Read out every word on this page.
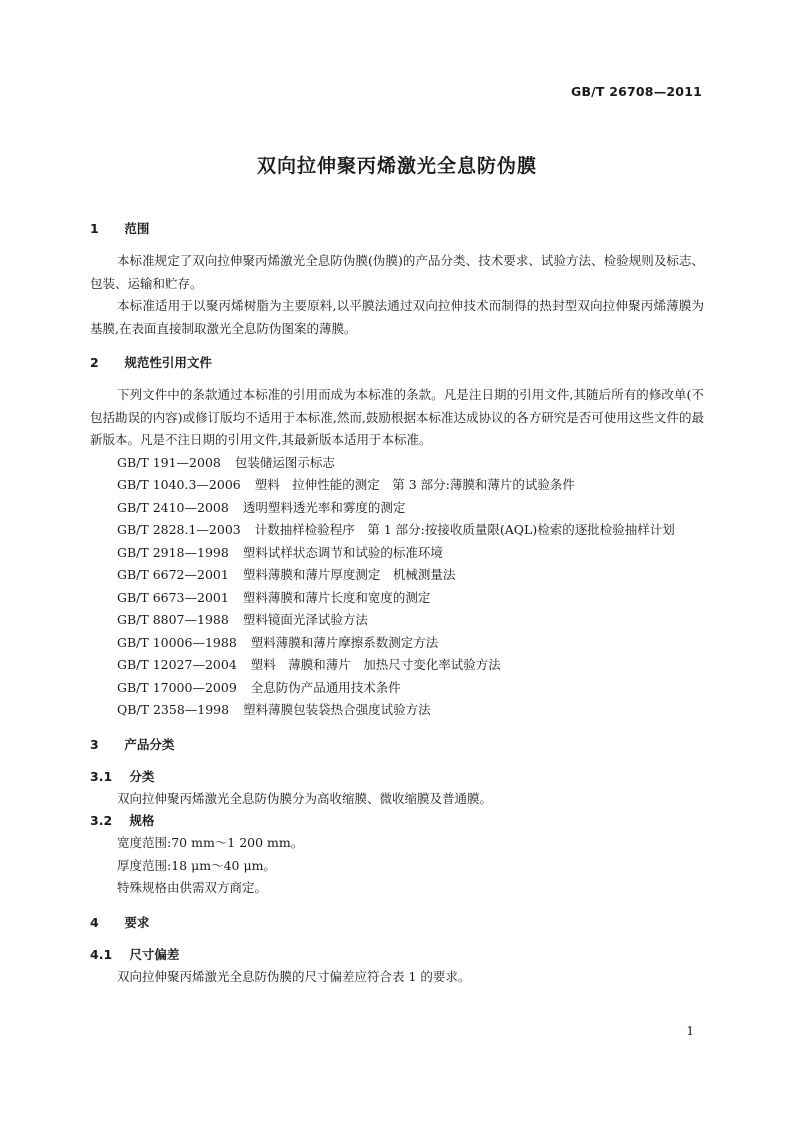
GB/T 26708—2011
双向拉伸聚丙烯激光全息防伪膜
1 范围

本标准规定了双向拉伸聚丙烯激光全息防伪膜(伪膜)的产品分类、技术要求、试验方法、检验规则及标志、包装、运输和贮存。

本标准适用于以聚丙烯树脂为主要原料,以平膜法通过双向拉伸技术而制得的热封型双向拉伸聚丙烯薄膜为基膜,在表面直接制取激光全息防伪图案的薄膜。

2 规范性引用文件

下列文件中的条款通过本标准的引用而成为本标准的条款。凡是注日期的引用文件,其随后所有的修改单(不包括勘误的内容)或修订版均不适用于本标准,然而,鼓励根据本标准达成协议的各方研究是否可使用这些文件的最新版本。凡是不注日期的引用文件,其最新版本适用于本标准。

GB/T 191—2008 包装储运图示标志

GB/T 1040.3—2006 塑料　拉伸性能的测定　第 3 部分:薄膜和薄片的试验条件

GB/T 2410—2008 透明塑料透光率和雾度的测定

GB/T 2828.1—2003 计数抽样检验程序　第 1 部分:按接收质量限(AQL)检索的逐批检验抽样计划

GB/T 2918—1998 塑料试样状态调节和试验的标准环境

GB/T 6672—2001 塑料薄膜和薄片厚度测定　机械测量法

GB/T 6673—2001 塑料薄膜和薄片长度和宽度的测定

GB/T 8807—1988 塑料镜面光泽试验方法

GB/T 10006—1988 塑料薄膜和薄片摩擦系数测定方法

GB/T 12027—2004 塑料　薄膜和薄片　加热尺寸变化率试验方法

GB/T 17000—2009 全息防伪产品通用技术条件

QB/T 2358—1998 塑料薄膜包装袋热合强度试验方法

3 产品分类
3.1 分类

双向拉伸聚丙烯激光全息防伪膜分为高收缩膜、微收缩膜及普通膜。

3.2 规格

宽度范围:70 mm～1 200 mm。

厚度范围:18 μm～40 μm。

特殊规格由供需双方商定。

4 要求
4.1 尺寸偏差

双向拉伸聚丙烯激光全息防伪膜的尺寸偏差应符合表 1 的要求。

1
